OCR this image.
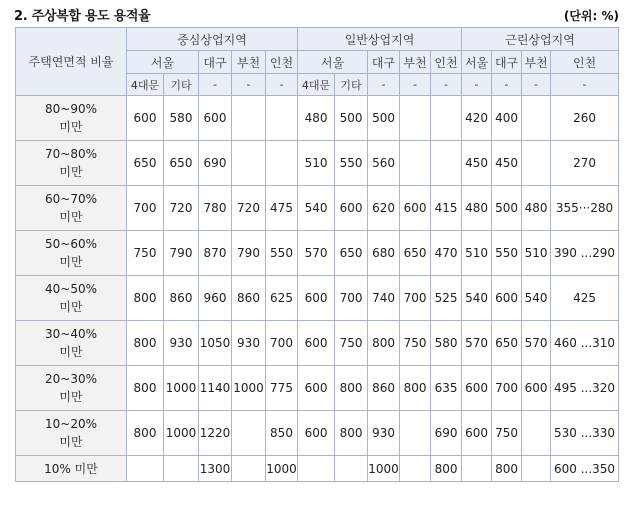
2. 주상복합 용도 용적율	(단위: %)
주택연면적 비율	중심상업지역					일반상업지역					근린상업지역			
	서울		대구	부천	인천	서울		대구	부천	인천	서울	대구	부천	인천
	4대문	기타	-	-	-	4대문	기타	-	-	-	-	-	-	-

80~90%
미만	600	580	600			480	500	500			420	400		260

70~80%
미만	650	650	690			510	550	560			450	450		270

60~70%
미만	700	720	780	720	475	540	600	620	600	415	480	500	480	355···280

50~60%
미만	750	790	870	790	550	570	650	680	650	470	510	550	510	390 ...290

40~50%
미만	800	860	960	860	625	600	700	740	700	525	540	600	540	425

30~40%
미만	800	930	1050	930	700	600	750	800	750	580	570	650	570	460 ...310

20~30%
미만	800	1000	1140	1000	775	600	800	860	800	635	600	700	600	495 ...320

10~20%
미만	800	1000	1220		850	600	800	930		690	600	750		530 ...330

10% 미만			1300		1000			1000		800		800		600 ...350
